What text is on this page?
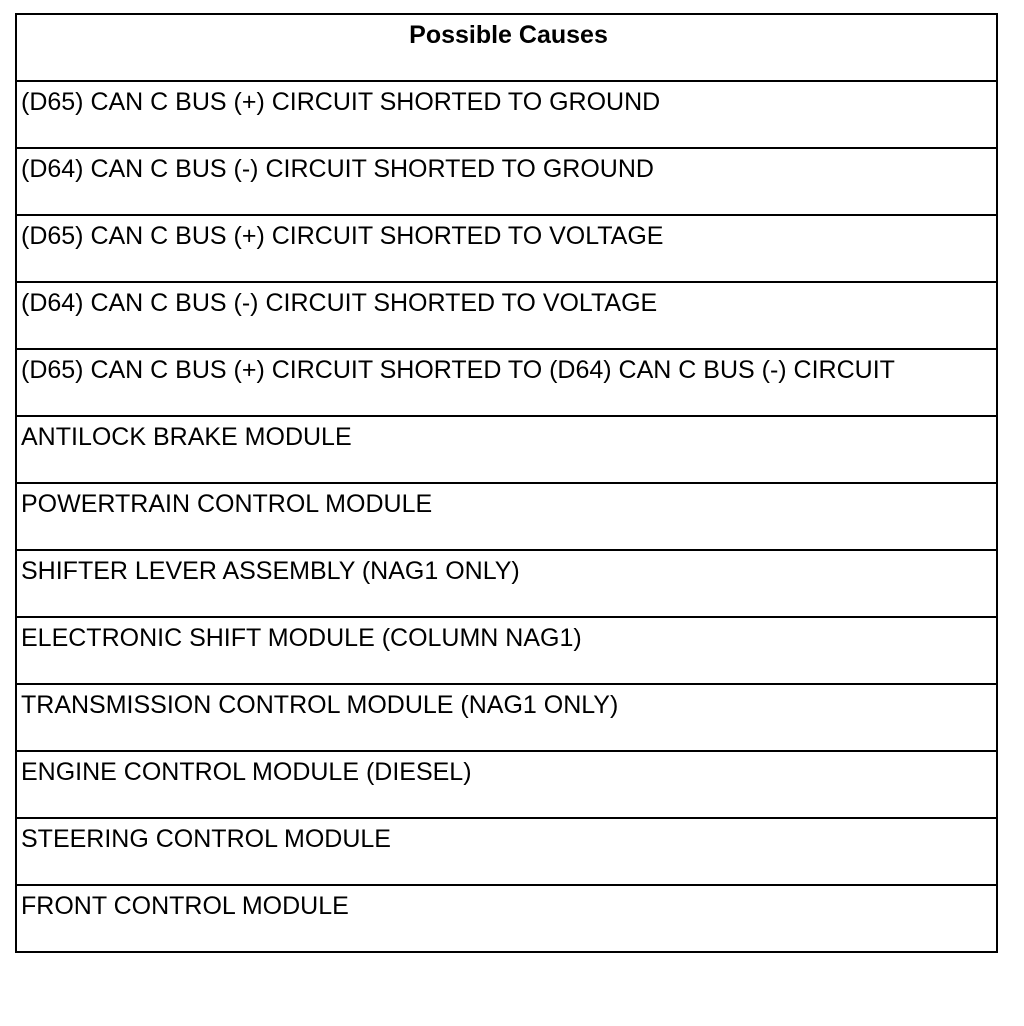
Possible Causes
(D65) CAN C BUS (+) CIRCUIT SHORTED TO GROUND
(D64) CAN C BUS (-) CIRCUIT SHORTED TO GROUND
(D65) CAN C BUS (+) CIRCUIT SHORTED TO VOLTAGE
(D64) CAN C BUS (-) CIRCUIT SHORTED TO VOLTAGE
(D65) CAN C BUS (+) CIRCUIT SHORTED TO (D64) CAN C BUS (-) CIRCUIT
ANTILOCK BRAKE MODULE
POWERTRAIN CONTROL MODULE
SHIFTER LEVER ASSEMBLY (NAG1 ONLY)
ELECTRONIC SHIFT MODULE (COLUMN NAG1)
TRANSMISSION CONTROL MODULE (NAG1 ONLY)
ENGINE CONTROL MODULE (DIESEL)
STEERING CONTROL MODULE
FRONT CONTROL MODULE
